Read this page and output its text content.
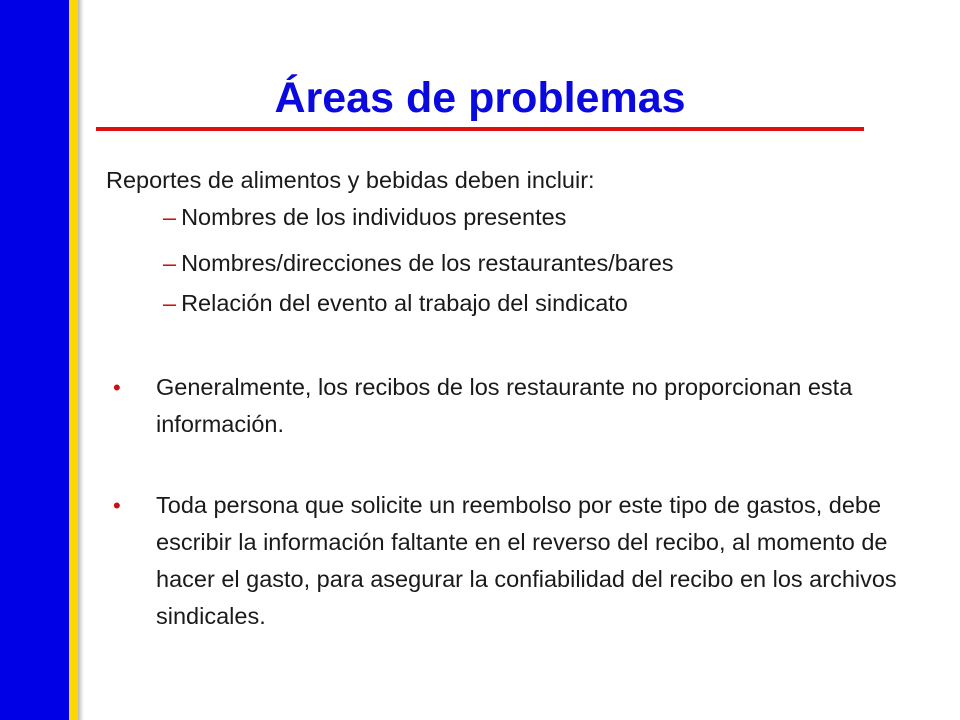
Áreas de problemas
Reportes de alimentos y bebidas deben incluir:
– Nombres de los individuos presentes
– Nombres/direcciones de los restaurantes/bares
– Relación del evento al trabajo del sindicato
• Generalmente, los recibos de los restaurante no proporcionan esta información.
• Toda persona que solicite un reembolso por este tipo de gastos, debe escribir la información faltante en el reverso del recibo, al momento de hacer el gasto, para asegurar la confiabilidad del recibo en los archivos sindicales.
